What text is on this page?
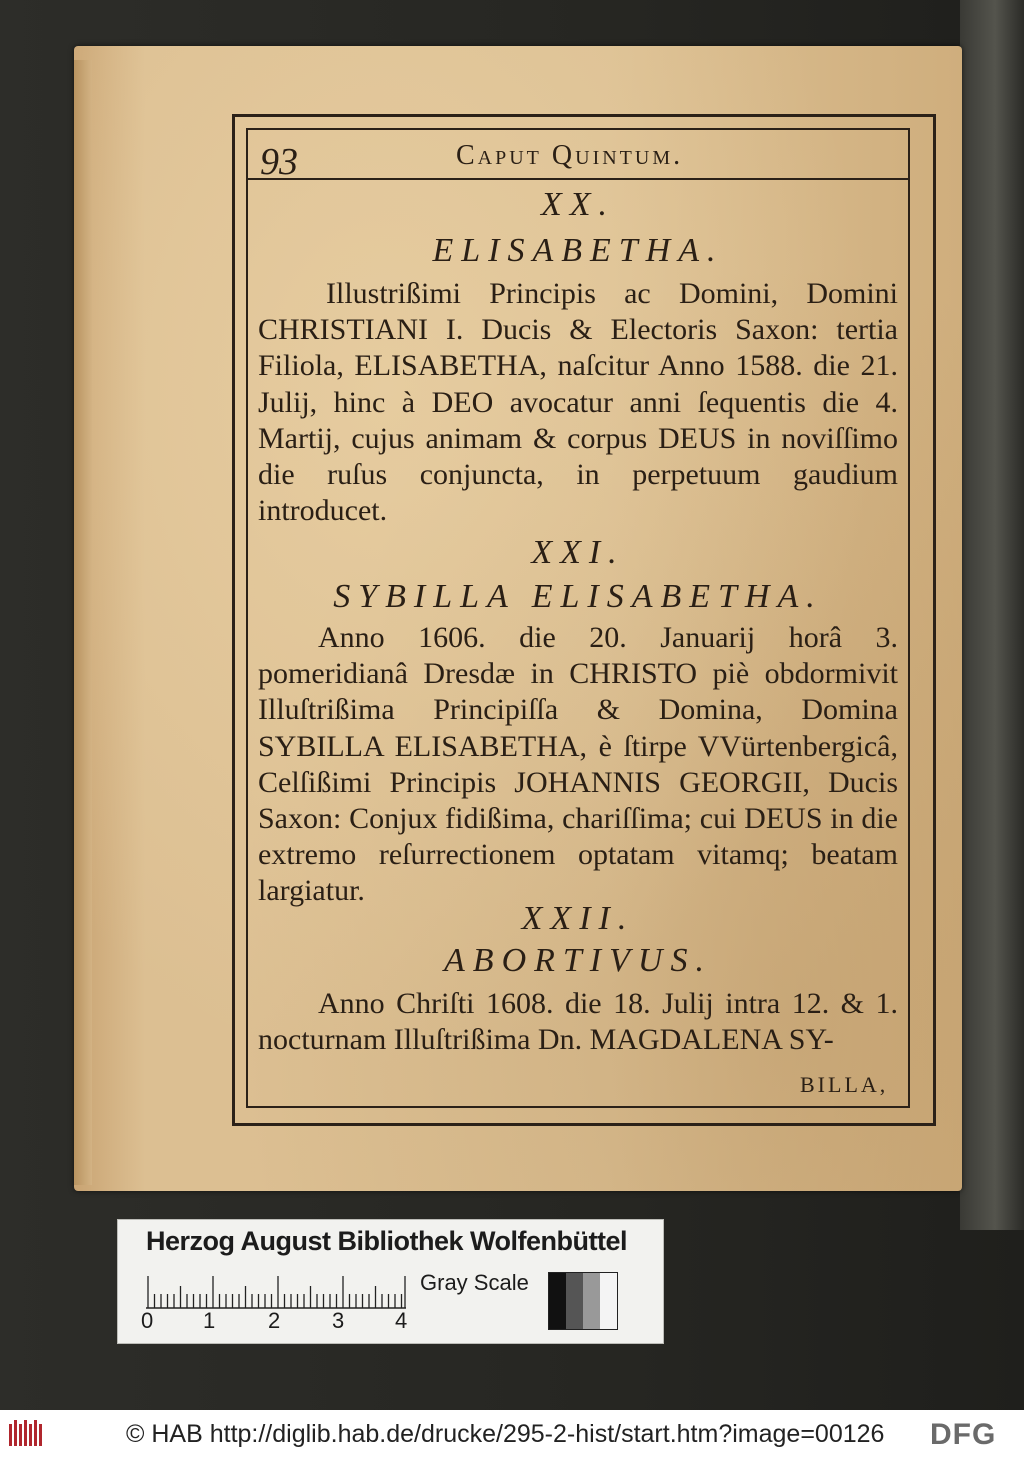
93	Caput Quintum.
XX.
ELISABETHA.
Illustrißimi Principis ac Domini, Domini CHRISTIANI I. Ducis & Electoris Saxon: tertia Filiola, ELISABETHA, naſcitur Anno 1588. die 21. Julij, hinc à DEO avocatur anni ſequentis die 4. Martij, cujus animam & corpus DEUS in noviſſimo die ruſus conjuncta, in perpetuum gaudium introducet.
XXI.
SYBILLA ELISABETHA.
Anno 1606. die 20. Januarij horâ 3. pomeridianâ Dresdæ in CHRISTO piè obdormivit Illuſtrißima Principiſſa & Domina, Domina SYBILLA ELISABETHA, è ſtirpe VVürtenbergicâ, Celſißimi Principis JOHANNIS GEORGII, Ducis Saxon: Conjux fidißima, chariſſima; cui DEUS in die extremo reſurrectionem optatam vitamq; beatam largiatur.
XXII.
ABORTIVUS.
Anno Chriſti 1608. die 18. Julij intra 12. & 1. nocturnam Illuſtrißima Dn. MAGDALENA SY-
BILLA,
Herzog August Bibliothek Wolfenbüttel
0 1 2 3 4
Gray Scale
© HAB http://diglib.hab.de/drucke/295-2-hist/start.htm?image=00126 DFG
